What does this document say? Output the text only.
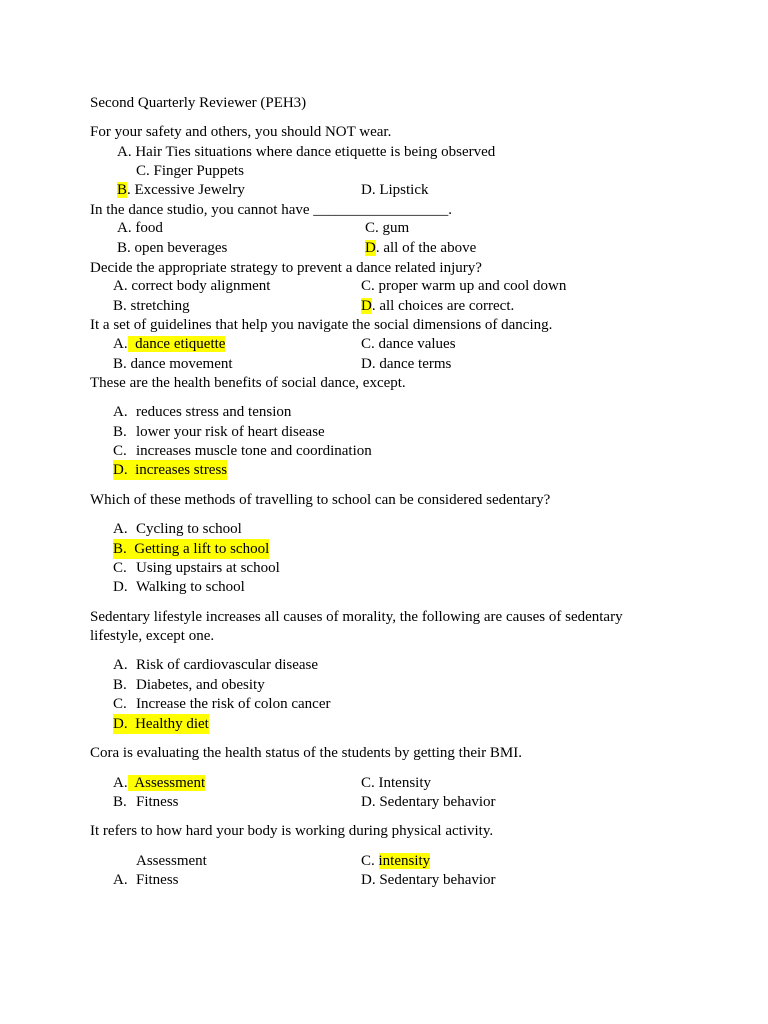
Second Quarterly Reviewer (PEH3)
For your safety and others, you should NOT wear.
A. Hair Ties situations where dance etiquette is being observed
C. Finger Puppets
B. Excessive Jewelry	D. Lipstick
In the dance studio, you cannot have __________________.
A. food	C. gum
B. open beverages	D. all of the above
Decide the appropriate strategy to prevent a dance related injury?
A. correct body alignment	C. proper warm up and cool down
B. stretching	D. all choices are correct.
It a set of guidelines that help you navigate the social dimensions of dancing.
A. dance etiquette	C. dance values
B. dance movement	D. dance terms
These are the health benefits of social dance, except.
A. reduces stress and tension
B. lower your risk of heart disease
C. increases muscle tone and coordination
D. increases stress
Which of these methods of travelling to school can be considered sedentary?
A. Cycling to school
B. Getting a lift to school
C. Using upstairs at school
D. Walking to school
Sedentary lifestyle increases all causes of morality, the following are causes of sedentary
lifestyle, except one.
A. Risk of cardiovascular disease
B. Diabetes, and obesity
C. Increase the risk of colon cancer
D. Healthy diet
Cora is evaluating the health status of the students by getting their BMI.
A. Assessment	C. Intensity
B. Fitness	D. Sedentary behavior
It refers to how hard your body is working during physical activity.
Assessment	C. intensity
A. Fitness	D. Sedentary behavior
